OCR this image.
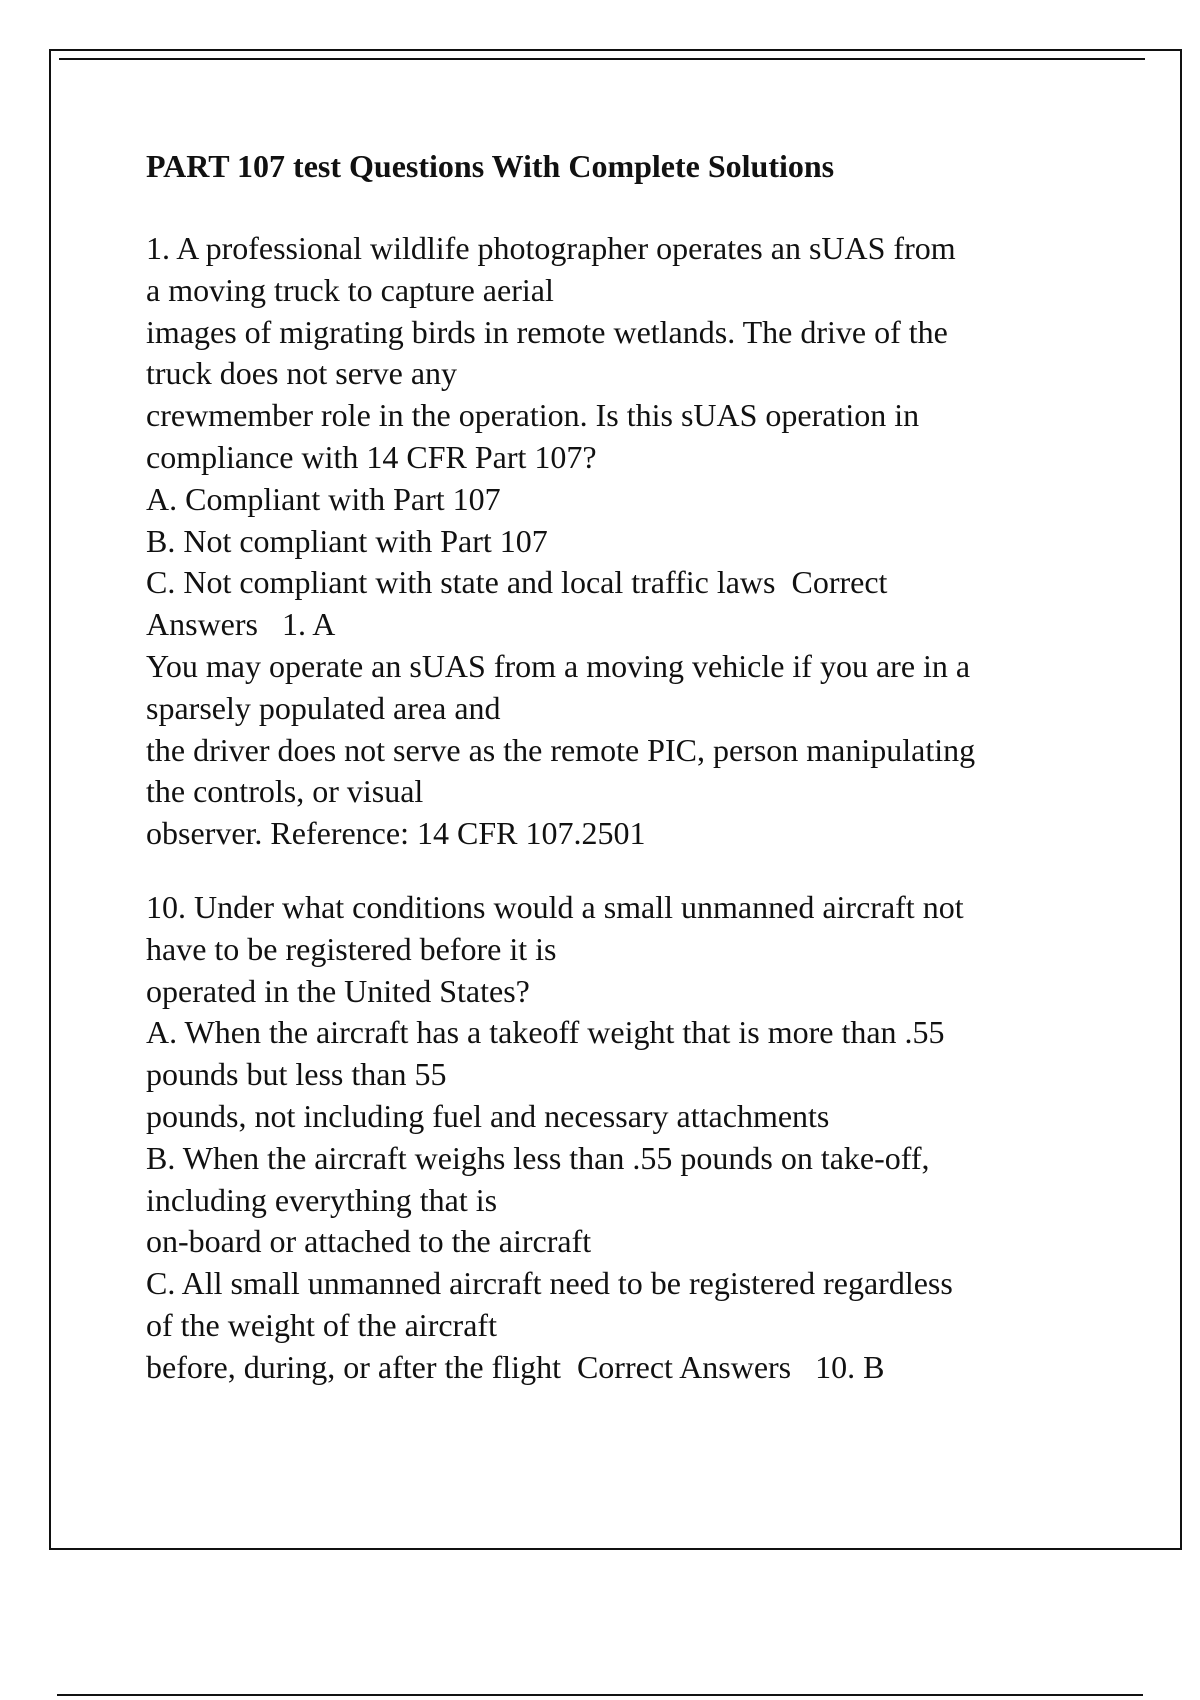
PART 107 test Questions With Complete Solutions
1. A professional wildlife photographer operates an sUAS from
a moving truck to capture aerial
images of migrating birds in remote wetlands. The drive of the
truck does not serve any
crewmember role in the operation. Is this sUAS operation in
compliance with 14 CFR Part 107?
A. Compliant with Part 107
B. Not compliant with Part 107
C. Not compliant with state and local traffic laws  Correct
Answers   1. A
You may operate an sUAS from a moving vehicle if you are in a
sparsely populated area and
the driver does not serve as the remote PIC, person manipulating
the controls, or visual
observer. Reference: 14 CFR 107.2501
10. Under what conditions would a small unmanned aircraft not
have to be registered before it is
operated in the United States?
A. When the aircraft has a takeoff weight that is more than .55
pounds but less than 55
pounds, not including fuel and necessary attachments
B. When the aircraft weighs less than .55 pounds on take-off,
including everything that is
on-board or attached to the aircraft
C. All small unmanned aircraft need to be registered regardless
of the weight of the aircraft
before, during, or after the flight  Correct Answers   10. B
